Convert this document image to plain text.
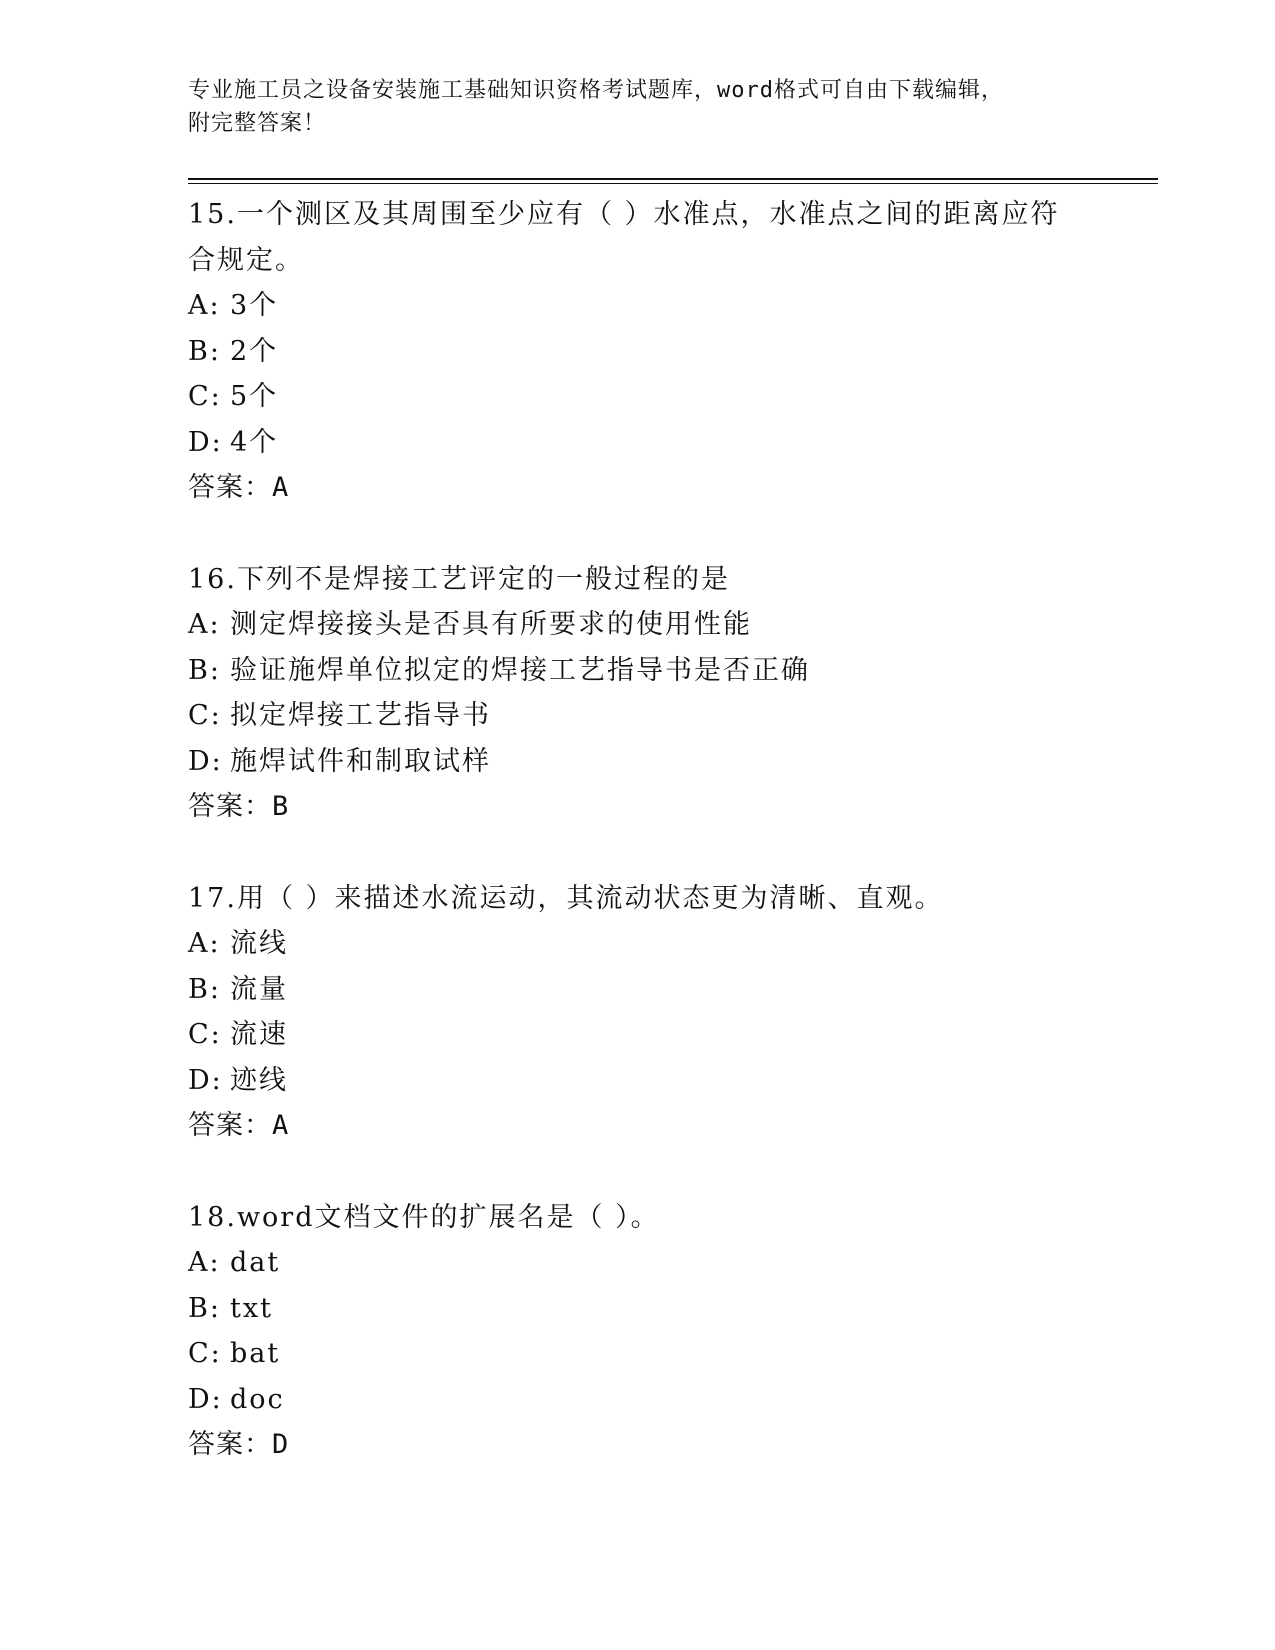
专业施工员之设备安装施工基础知识资格考试题库，word格式可自由下载编辑，
附完整答案！
15.一个测区及其周围至少应有（ ）水准点，水准点之间的距离应符合规定。
A: 3个
B: 2个
C: 5个
D: 4个
答案：A
16.下列不是焊接工艺评定的一般过程的是
A: 测定焊接接头是否具有所要求的使用性能
B: 验证施焊单位拟定的焊接工艺指导书是否正确
C: 拟定焊接工艺指导书
D: 施焊试件和制取试样
答案：B
17.用（ ）来描述水流运动，其流动状态更为清晰、直观。
A: 流线
B: 流量
C: 流速
D: 迹线
答案：A
18.word文档文件的扩展名是（ ）。
A: dat
B: txt
C: bat
D: doc
答案：D
